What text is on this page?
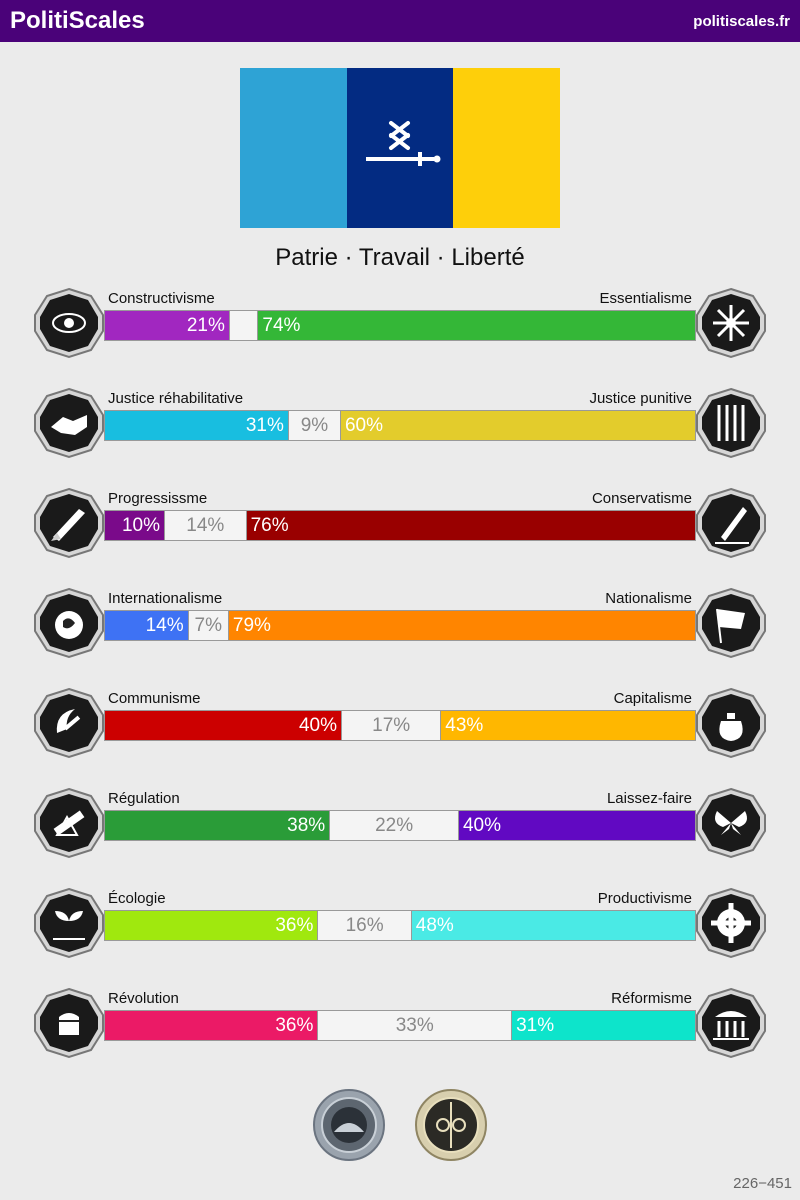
PolitiScales	politiscales.fr
Patrie · Travail · Liberté
Constructivisme	Essentialisme
21% 74%
Justice réhabilitative	Justice punitive
31% 9% 60%
Progressissme	Conservatisme
10%	14%	76%
Internationalisme	Nationalisme
14% 7% 79%
Communisme	Capitalisme
40%	17%	43%
Régulation	Laissez-faire
38%	22%	40%
Écologie	Productivisme
36%	16%	48%
Révolution	Réformisme
36%	33%	31%
226−451
